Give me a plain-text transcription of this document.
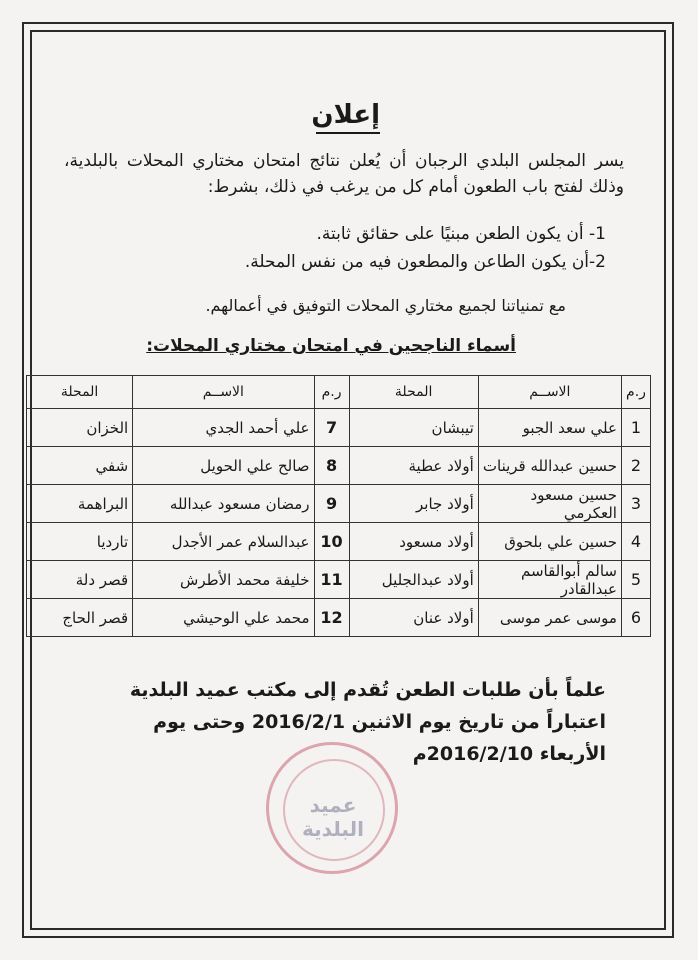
إعلان
يسر المجلس البلدي الرجبان أن يُعلن نتائج امتحان مختاري المحلات بالبلدية، وذلك لفتح باب الطعون أمام كل من يرغب في ذلك، بشرط:
1- أن يكون الطعن مبنيًا على حقائق ثابتة.
2-أن يكون الطاعن والمطعون فيه من نفس المحلة.
مع تمنياتنا لجميع مختاري المحلات التوفيق في أعمالهم.
أسماء الناجحين في امتحان مختاري المحلات:
ر.م	الاســم	المحلة	ر.م	الاســم	المحلة
1	علي سعد الجبو	تيبشان	7	علي أحمد الجدي	الخزان
2	حسين عبدالله قرينات	أولاد عطية	8	صالح علي الحويل	شفي
3	حسين مسعود العكرمي	أولاد جابر	9	رمضان مسعود عبدالله	البراهمة
4	حسين علي بلحوق	أولاد مسعود	10	عبدالسلام عمر الأجدل	تارديا
5	سالم أبوالقاسم عبدالقادر	أولاد عبدالجليل	11	خليفة محمد الأطرش	قصر دلة
6	موسى عمر موسى	أولاد عنان	12	محمد علي الوحيشي	قصر الحاج
علماً بأن طلبات الطعن تُقدم إلى مكتب عميد البلدية اعتباراً من تاريخ يوم الاثنين 2016/2/1 وحتى يوم الأربعاء 2016/2/10م
عميد
البلدية
